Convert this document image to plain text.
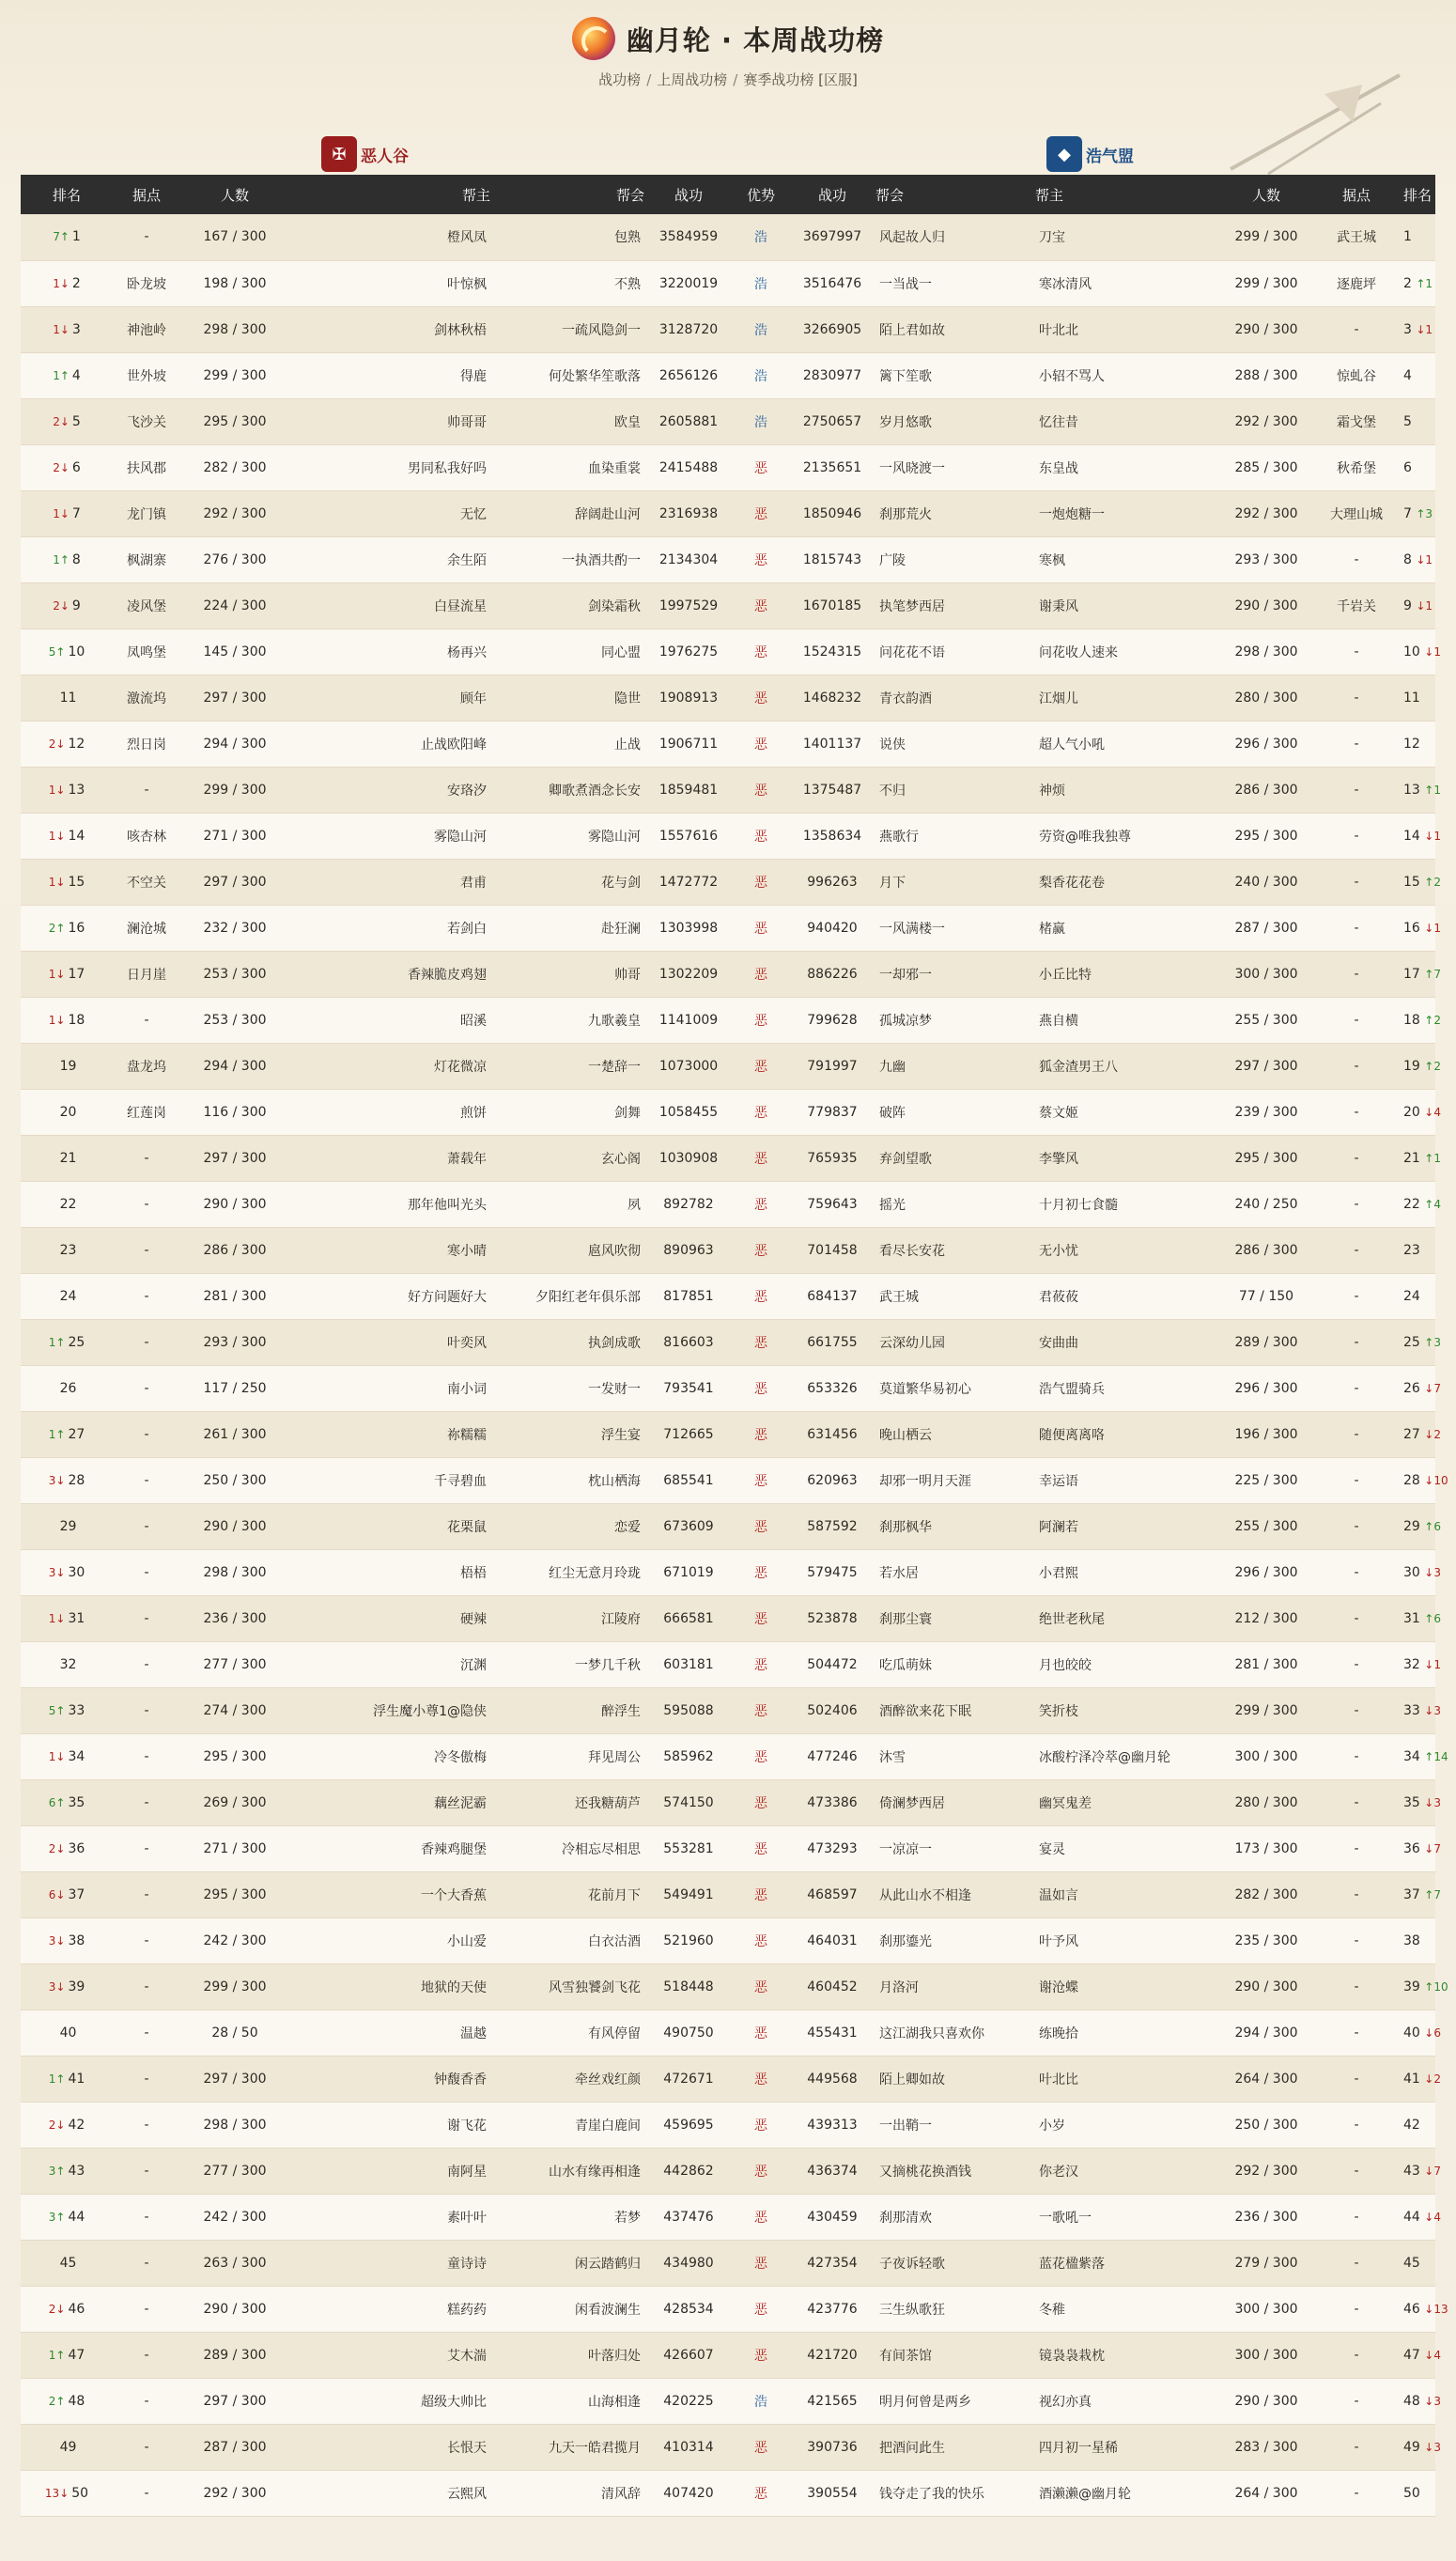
幽月轮 · 本周战功榜
战功榜 / 上周战功榜 / 赛季战功榜 [区服]
✠ 恶人谷	◆ 浩气盟
排名	据点	人数	帮主	帮会	战功	优势	战功	帮会	帮主	人数	据点	排名
7↑ 1	-	167 / 300	橙风凤	包熟	3584959	浩	3697997	风起故人归	刀宝	299 / 300	武王城	1
1↓ 2	卧龙坡	198 / 300	叶惊枫	不熟	3220019	浩	3516476	一当战一	寒冰清风	299 / 300	逐鹿坪	2 ↑1
1↓ 3	神池岭	298 / 300	剑林秋梧	一疏风隐剑一	3128720	浩	3266905	陌上君如故	叶北北	290 / 300	-	3 ↓1
1↑ 4	世外坡	299 / 300	得鹿	何处繁华笙歌落	2656126	浩	2830977	篱下笙歌	小轺不骂人	288 / 300	惊虬谷	4
2↓ 5	飞沙关	295 / 300	帅哥哥	欧皇	2605881	浩	2750657	岁月悠歌	忆往昔	292 / 300	霜戈堡	5
2↓ 6	扶风郡	282 / 300	男同私我好吗	血染重裳	2415488	恶	2135651	一风晓渡一	东皇战	285 / 300	秋希堡	6
1↓ 7	龙门镇	292 / 300	无忆	辞阔赴山河	2316938	恶	1850946	刹那荒火	一炮炮糖一	292 / 300	大理山城	7 ↑3
1↑ 8	枫湖寨	276 / 300	余生陌	一执酒共酌一	2134304	恶	1815743	广陵	寒枫	293 / 300	-	8 ↓1
2↓ 9	凌风堡	224 / 300	白昼流星	剑染霜秋	1997529	恶	1670185	执笔梦西居	谢秉风	290 / 300	千岩关	9 ↓1
5↑ 10	凤鸣堡	145 / 300	杨再兴	同心盟	1976275	恶	1524315	问花花不语	问花收人速来	298 / 300	-	10 ↓1
11	激流坞	297 / 300	顾年	隐世	1908913	恶	1468232	青衣韵酒	江烟儿	280 / 300	-	11
2↓ 12	烈日岗	294 / 300	止战欧阳峰	止战	1906711	恶	1401137	说侠	超人气小吼	296 / 300	-	12
1↓ 13	-	299 / 300	安珞汐	卿歌煮酒念长安	1859481	恶	1375487	不归	神烦	286 / 300	-	13 ↑1
1↓ 14	咳杏林	271 / 300	雾隐山河	雾隐山河	1557616	恶	1358634	燕歌行	劳资@唯我独尊	295 / 300	-	14 ↓1
1↓ 15	不空关	297 / 300	君甫	花与剑	1472772	恶	996263	月下	梨香花花卷	240 / 300	-	15 ↑2
2↑ 16	澜沧城	232 / 300	若剑白	赴狂澜	1303998	恶	940420	一风满楼一	楮赢	287 / 300	-	16 ↓1
1↓ 17	日月崖	253 / 300	香辣脆皮鸡翅	帅哥	1302209	恶	886226	一却邪一	小丘比特	300 / 300	-	17 ↑7
1↓ 18	-	253 / 300	昭溪	九歌羲皇	1141009	恶	799628	孤城凉梦	燕自横	255 / 300	-	18 ↑2
19	盘龙坞	294 / 300	灯花微凉	一楚辞一	1073000	恶	791997	九幽	狐金渣男王八	297 / 300	-	19 ↑2
20	红莲岗	116 / 300	煎饼	剑舞	1058455	恶	779837	破阵	蔡文姬	239 / 300	-	20 ↓4
21	-	297 / 300	萧载年	玄心阁	1030908	恶	765935	弃剑望歌	李擎风	295 / 300	-	21 ↑1
22	-	290 / 300	那年他叫光头	夙	892782	恶	759643	摇光	十月初七食髓	240 / 250	-	22 ↑4
23	-	286 / 300	寒小晴	扈风吹彻	890963	恶	701458	看尽长安花	无小忧	286 / 300	-	23
24	-	281 / 300	好方问题好大	夕阳红老年俱乐部	817851	恶	684137	武王城	君莜莜	77 / 150	-	24
1↑ 25	-	293 / 300	叶奕风	执剑成歌	816603	恶	661755	云深幼儿园	安曲曲	289 / 300	-	25 ↑3
26	-	117 / 250	南小词	一发财一	793541	恶	653326	莫道繁华易初心	浩气盟骑兵	296 / 300	-	26 ↓7
1↑ 27	-	261 / 300	祢糯糯	浮生宴	712665	恶	631456	晚山栖云	随便离离咯	196 / 300	-	27 ↓2
3↓ 28	-	250 / 300	千寻碧血	枕山栖海	685541	恶	620963	却邪一明月天涯	幸运语	225 / 300	-	28 ↓10
29	-	290 / 300	花栗鼠	恋爱	673609	恶	587592	刹那枫华	阿澜若	255 / 300	-	29 ↑6
3↓ 30	-	298 / 300	梧梧	红尘无意月玲珑	671019	恶	579475	若水居	小君熙	296 / 300	-	30 ↓3
1↓ 31	-	236 / 300	硬辣	江陵府	666581	恶	523878	刹那尘寰	绝世老秋尾	212 / 300	-	31 ↑6
32	-	277 / 300	沉渊	一梦几千秋	603181	恶	504472	吃瓜萌妹	月也皎皎	281 / 300	-	32 ↓1
5↑ 33	-	274 / 300	浮生魔小尊1@隐侠	醉浮生	595088	恶	502406	酒醉欲来花下眠	笑折枝	299 / 300	-	33 ↓3
1↓ 34	-	295 / 300	冷冬傲梅	拜见周公	585962	恶	477246	沐雪	冰酸柠泽冷萃@幽月轮	300 / 300	-	34 ↑14
6↑ 35	-	269 / 300	藕丝泥霸	还我糖葫芦	574150	恶	473386	倚澜梦西居	幽冥鬼差	280 / 300	-	35 ↓3
2↓ 36	-	271 / 300	香辣鸡腿堡	冷相忘尽相思	553281	恶	473293	一凉凉一	宴灵	173 / 300	-	36 ↓7
6↓ 37	-	295 / 300	一个大香蕉	花前月下	549491	恶	468597	从此山水不相逢	温如言	282 / 300	-	37 ↑7
3↓ 38	-	242 / 300	小山爱	白衣沽酒	521960	恶	464031	刹那鎏光	叶予风	235 / 300	-	38
3↓ 39	-	299 / 300	地狱的天使	风雪独饕剑飞花	518448	恶	460452	月洛河	谢沧蝶	290 / 300	-	39 ↑10
40	-	28 / 50	温越	有风停留	490750	恶	455431	这江湖我只喜欢你	练晚拾	294 / 300	-	40 ↓6
1↑ 41	-	297 / 300	钟馥香香	牵丝戏红颜	472671	恶	449568	陌上卿如故	叶北比	264 / 300	-	41 ↓2
2↓ 42	-	298 / 300	谢飞花	青崖白鹿间	459695	恶	439313	一出鞘一	小岁	250 / 300	-	42
3↑ 43	-	277 / 300	南阿星	山水有缘再相逢	442862	恶	436374	又摘桃花换酒钱	你老汉	292 / 300	-	43 ↓7
3↑ 44	-	242 / 300	素叶叶	若梦	437476	恶	430459	刹那清欢	一歌吼一	236 / 300	-	44 ↓4
45	-	263 / 300	童诗诗	闲云踏鹤归	434980	恶	427354	子夜诉轻歌	蓝花楹紫落	279 / 300	-	45
2↓ 46	-	290 / 300	糕药药	闲看波澜生	428534	恶	423776	三生纵歌狂	冬稚	300 / 300	-	46 ↓13
1↑ 47	-	289 / 300	艾木湍	叶落归处	426607	恶	421720	有间茶馆	镜袅袅栽枕	300 / 300	-	47 ↓4
2↑ 48	-	297 / 300	超级大帅比	山海相逢	420225	浩	421565	明月何曾是两乡	视幻亦真	290 / 300	-	48 ↓3
49	-	287 / 300	长恨天	九天一皓君揽月	410314	恶	390736	把酒问此生	四月初一星稀	283 / 300	-	49 ↓3
13↓ 50	-	292 / 300	云熙风	清风辞	407420	恶	390554	钱夺走了我的快乐	酒濑濑@幽月轮	264 / 300	-	50
